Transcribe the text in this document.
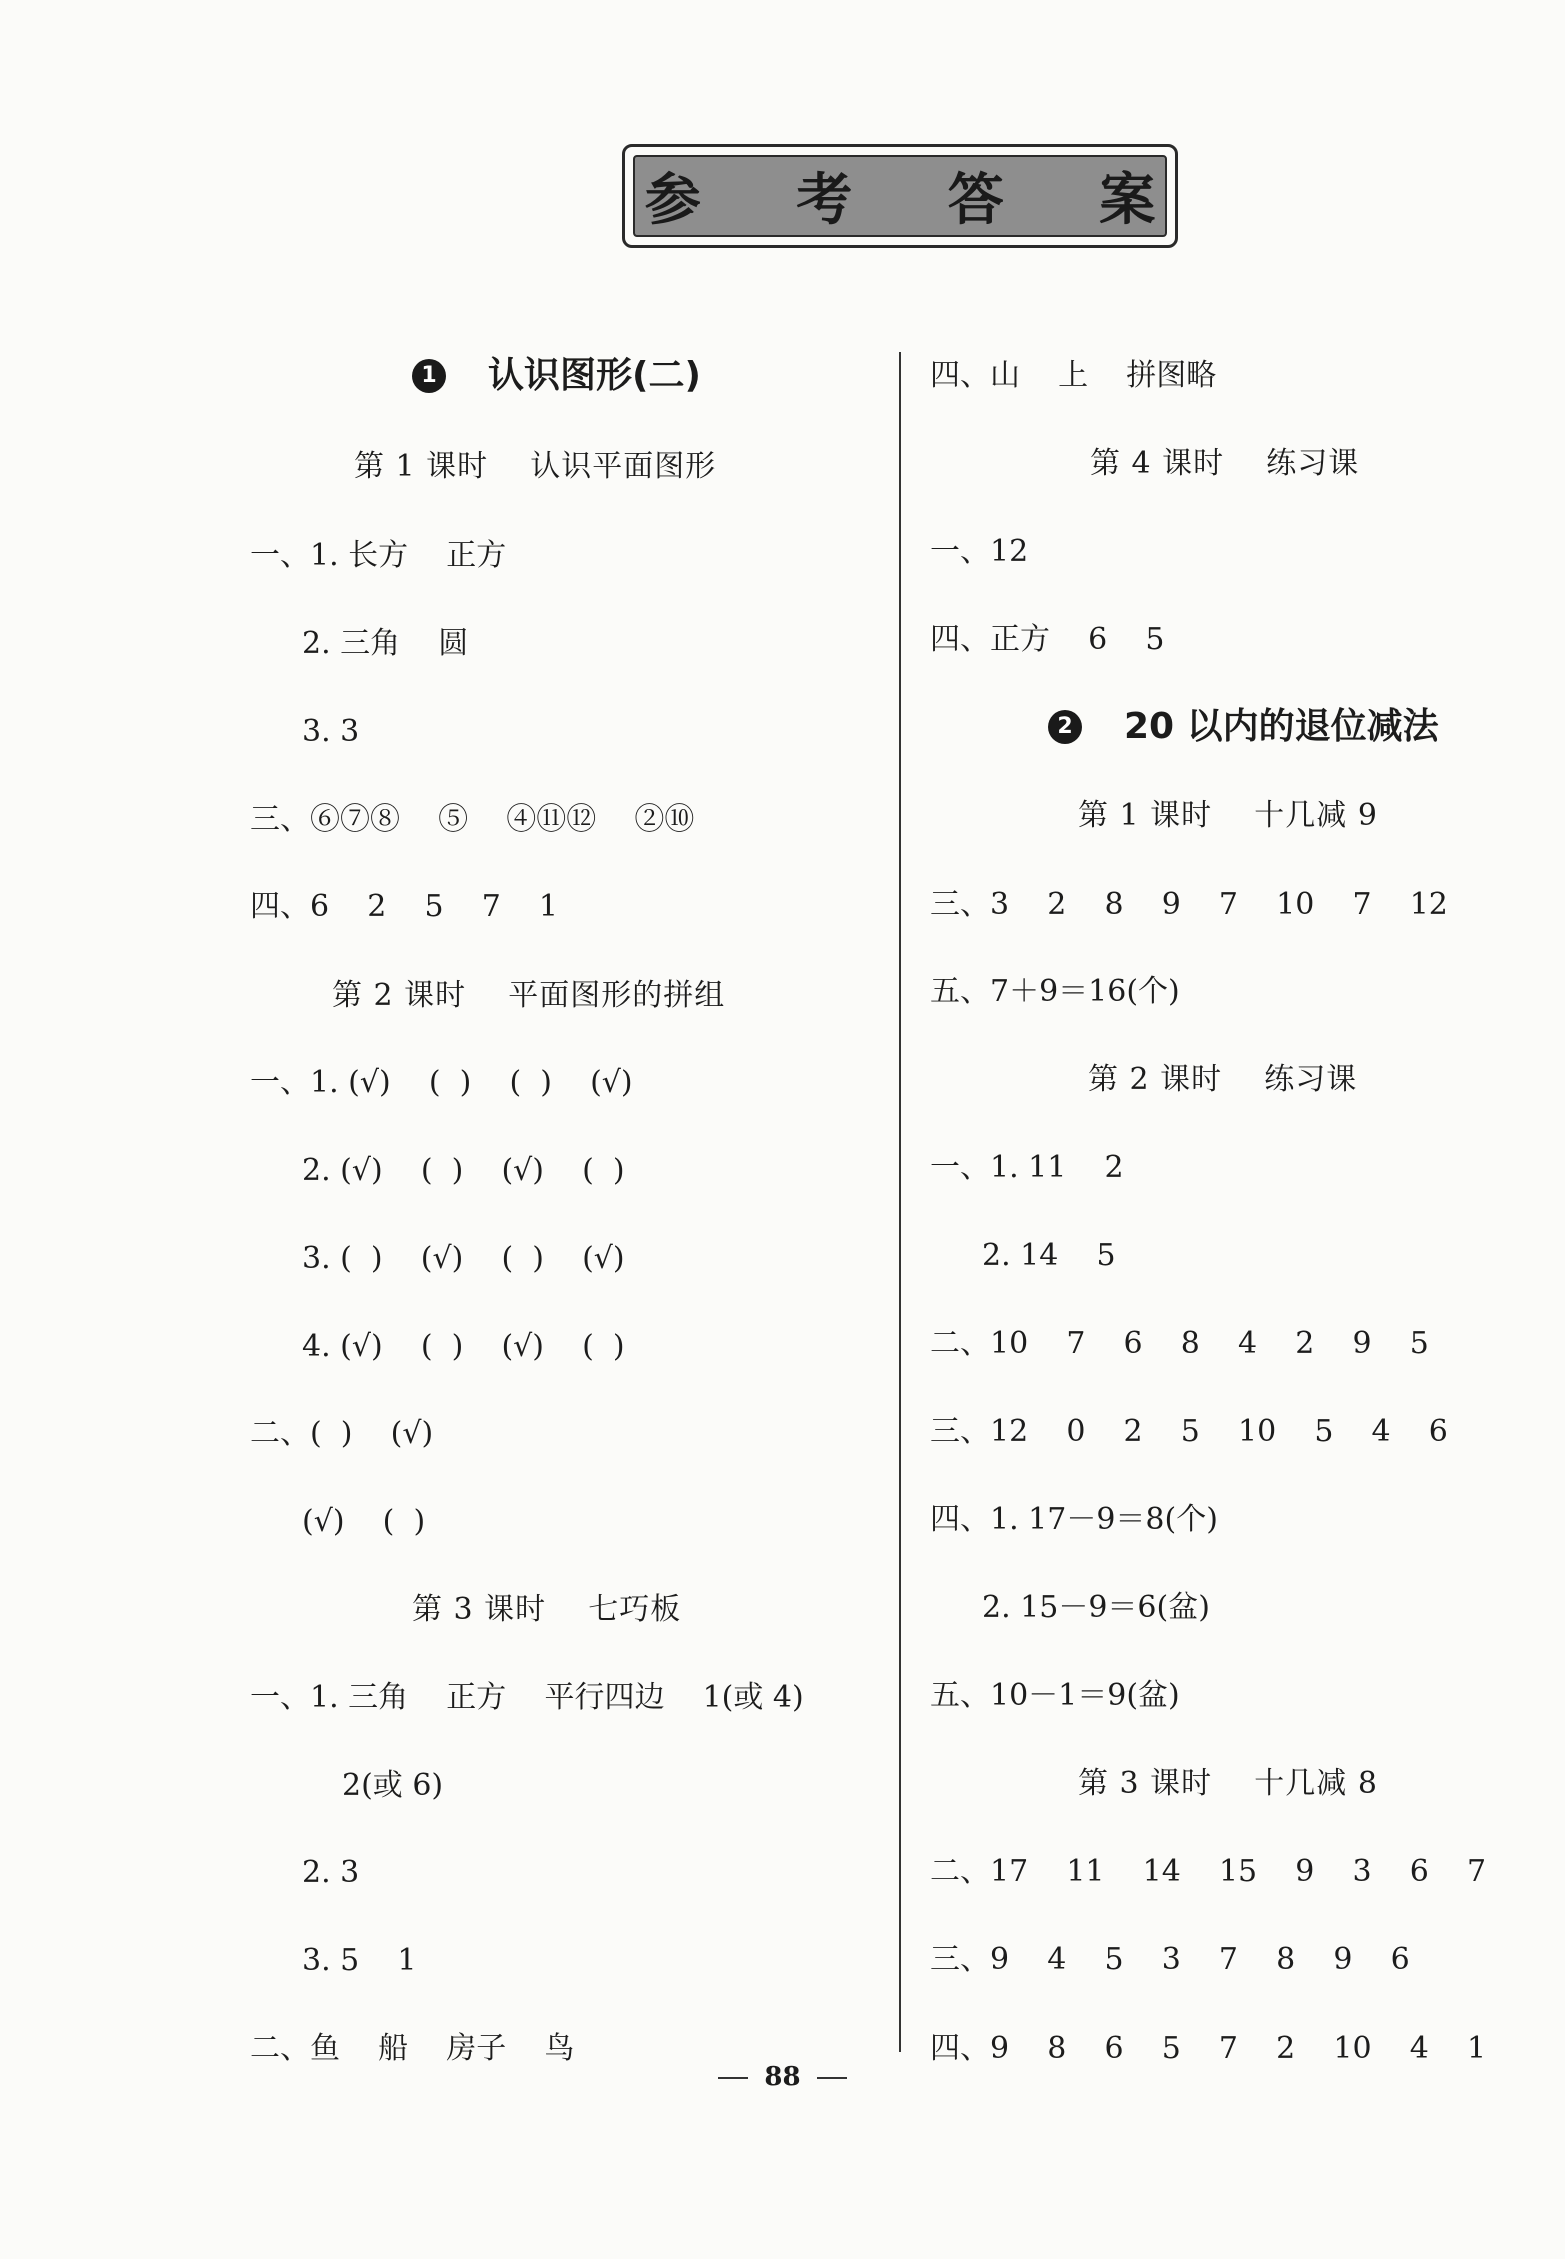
参 考 答 案
1 认识图形(二)
第 1 课时    认识平面图形
一、1. 长方    正方
2. 三角    圆
3. 3
三、⑥⑦⑧    ⑤    ④⑪⑫    ②⑩
四、6    2    5    7    1
第 2 课时    平面图形的拼组
一、1. (√)    (  )    (  )    (√)
2. (√)    (  )    (√)    (  )
3. (  )    (√)    (  )    (√)
4. (√)    (  )    (√)    (  )
二、(  )    (√)
(√)    (  )
第 3 课时    七巧板
一、1. 三角    正方    平行四边    1(或 4)
2(或 6)
2. 3
3. 5    1
二、鱼    船    房子    鸟
四、山    上    拼图略
第 4 课时    练习课
一、12
四、正方    6    5
2 20 以内的退位减法
第 1 课时    十几减 9
三、3    2    8    9    7    10    7    12
五、7＋9＝16(个)
第 2 课时    练习课
一、1. 11    2
2. 14    5
二、10    7    6    8    4    2    9    5
三、12    0    2    5    10    5    4    6
四、1. 17－9＝8(个)
2. 15－9＝6(盆)
五、10－1＝9(盆)
第 3 课时    十几减 8
二、17    11    14    15    9    3    6    7
三、9    4    5    3    7    8    9    6
四、9    8    6    5    7    2    10    4    1
88
